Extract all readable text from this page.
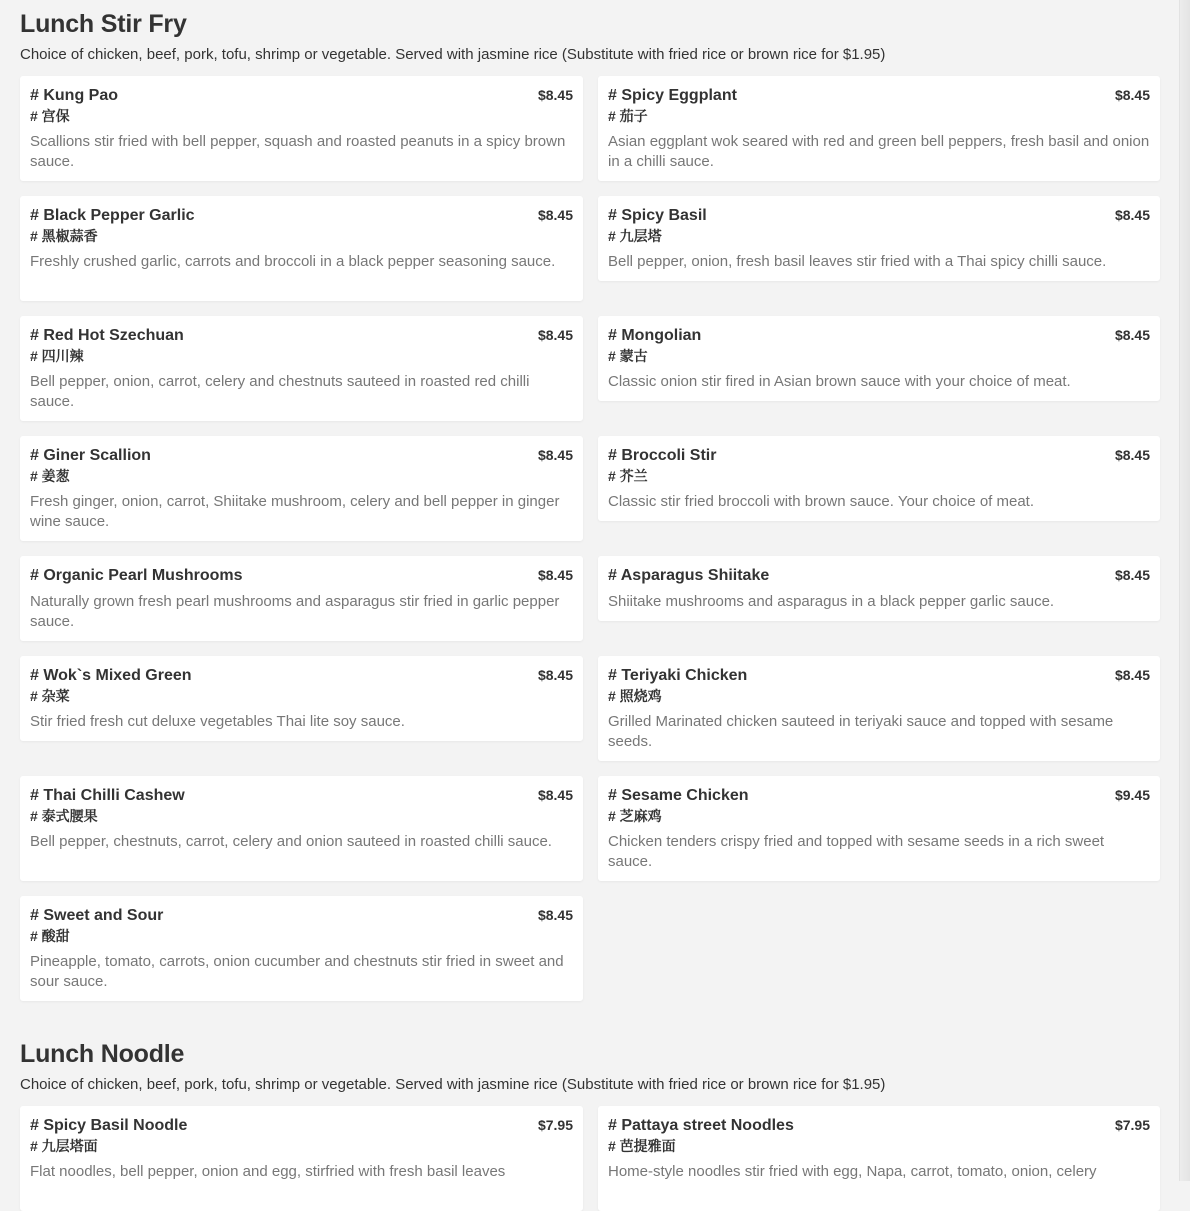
Lunch Stir Fry
Choice of chicken, beef, pork, tofu, shrimp or vegetable. Served with jasmine rice (Substitute with fried rice or brown rice for $1.95)
# Kung Pao	$8.45
# 宫保
Scallions stir fried with bell pepper, squash and roasted peanuts in a spicy brown sauce.
# Spicy Eggplant	$8.45
# 茄子
Asian eggplant wok seared with red and green bell peppers, fresh basil and onion in a chilli sauce.
# Black Pepper Garlic	$8.45
# 黑椒蒜香
Freshly crushed garlic, carrots and broccoli in a black pepper seasoning sauce.
# Spicy Basil	$8.45
# 九层塔
Bell pepper, onion, fresh basil leaves stir fried with a Thai spicy chilli sauce.
# Red Hot Szechuan	$8.45
# 四川辣
Bell pepper, onion, carrot, celery and chestnuts sauteed in roasted red chilli sauce.
# Mongolian	$8.45
# 蒙古
Classic onion stir fired in Asian brown sauce with your choice of meat.
# Giner Scallion	$8.45
# 姜葱
Fresh ginger, onion, carrot, Shiitake mushroom, celery and bell pepper in ginger wine sauce.
# Broccoli Stir	$8.45
# 芥兰
Classic stir fried broccoli with brown sauce. Your choice of meat.
# Organic Pearl Mushrooms	$8.45
Naturally grown fresh pearl mushrooms and asparagus stir fried in garlic pepper sauce.
# Asparagus Shiitake	$8.45
Shiitake mushrooms and asparagus in a black pepper garlic sauce.
# Wok`s Mixed Green	$8.45
# 杂菜
Stir fried fresh cut deluxe vegetables Thai lite soy sauce.
# Teriyaki Chicken	$8.45
# 照烧鸡
Grilled Marinated chicken sauteed in teriyaki sauce and topped with sesame seeds.
# Thai Chilli Cashew	$8.45
# 泰式腰果
Bell pepper, chestnuts, carrot, celery and onion sauteed in roasted chilli sauce.
# Sesame Chicken	$9.45
# 芝麻鸡
Chicken tenders crispy fried and topped with sesame seeds in a rich sweet sauce.
# Sweet and Sour	$8.45
# 酸甜
Pineapple, tomato, carrots, onion cucumber and chestnuts stir fried in sweet and sour sauce.
Lunch Noodle
Choice of chicken, beef, pork, tofu, shrimp or vegetable. Served with jasmine rice (Substitute with fried rice or brown rice for $1.95)
# Spicy Basil Noodle	$7.95
# 九层塔面
Flat noodles, bell pepper, onion and egg, stirfried with fresh basil leaves
# Pattaya street Noodles	$7.95
# 芭提雅面
Home-style noodles stir fried with egg, Napa, carrot, tomato, onion, celery
